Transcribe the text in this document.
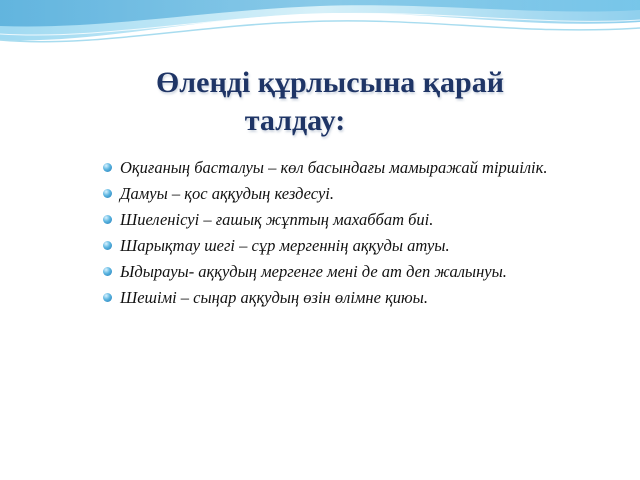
Өлеңді құрлысына қарай
талдау:
Оқиғаның басталуы – көл басындағы мамыражай тіршілік.
Дамуы – қос аққудың кездесуі.
Шиеленісуі – ғашық жұптың махаббат биі.
Шарықтау шегі – сұр мергеннің аққуды атуы.
Ыдырауы- аққудың мергенге мені де ат деп жалынуы.
Шешімі – сыңар аққудың өзін өлімне қиюы.
